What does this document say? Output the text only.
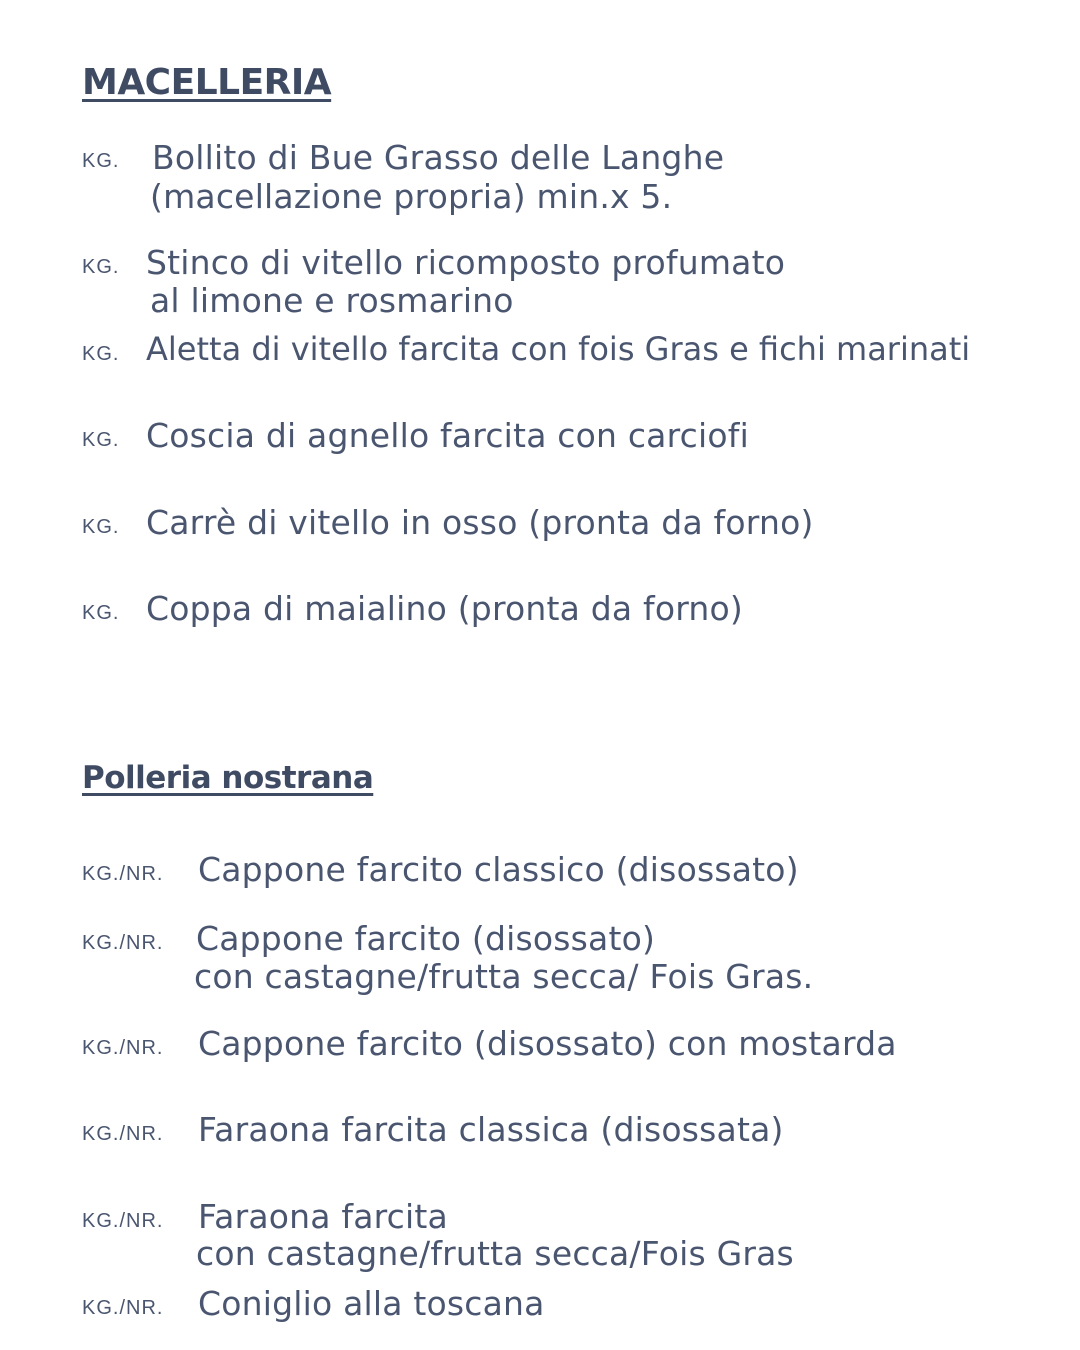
MACELLERIA
KG. Bollito di Bue Grasso delle Langhe
(macellazione propria) min.x 5.
KG. Stinco di vitello ricomposto profumato
al limone e rosmarino
KG. Aletta di vitello farcita con fois Gras e fichi marinati
KG. Coscia di agnello farcita con carciofi
KG. Carrè di vitello in osso (pronta da forno)
KG. Coppa di maialino (pronta da forno)
Polleria nostrana
KG./NR. Cappone farcito classico (disossato)
KG./NR. Cappone farcito (disossato)
con castagne/frutta secca/ Fois Gras.
KG./NR. Cappone farcito (disossato) con mostarda
KG./NR. Faraona farcita classica (disossata)
KG./NR. Faraona farcita
con castagne/frutta secca/Fois Gras
KG./NR. Coniglio alla toscana
